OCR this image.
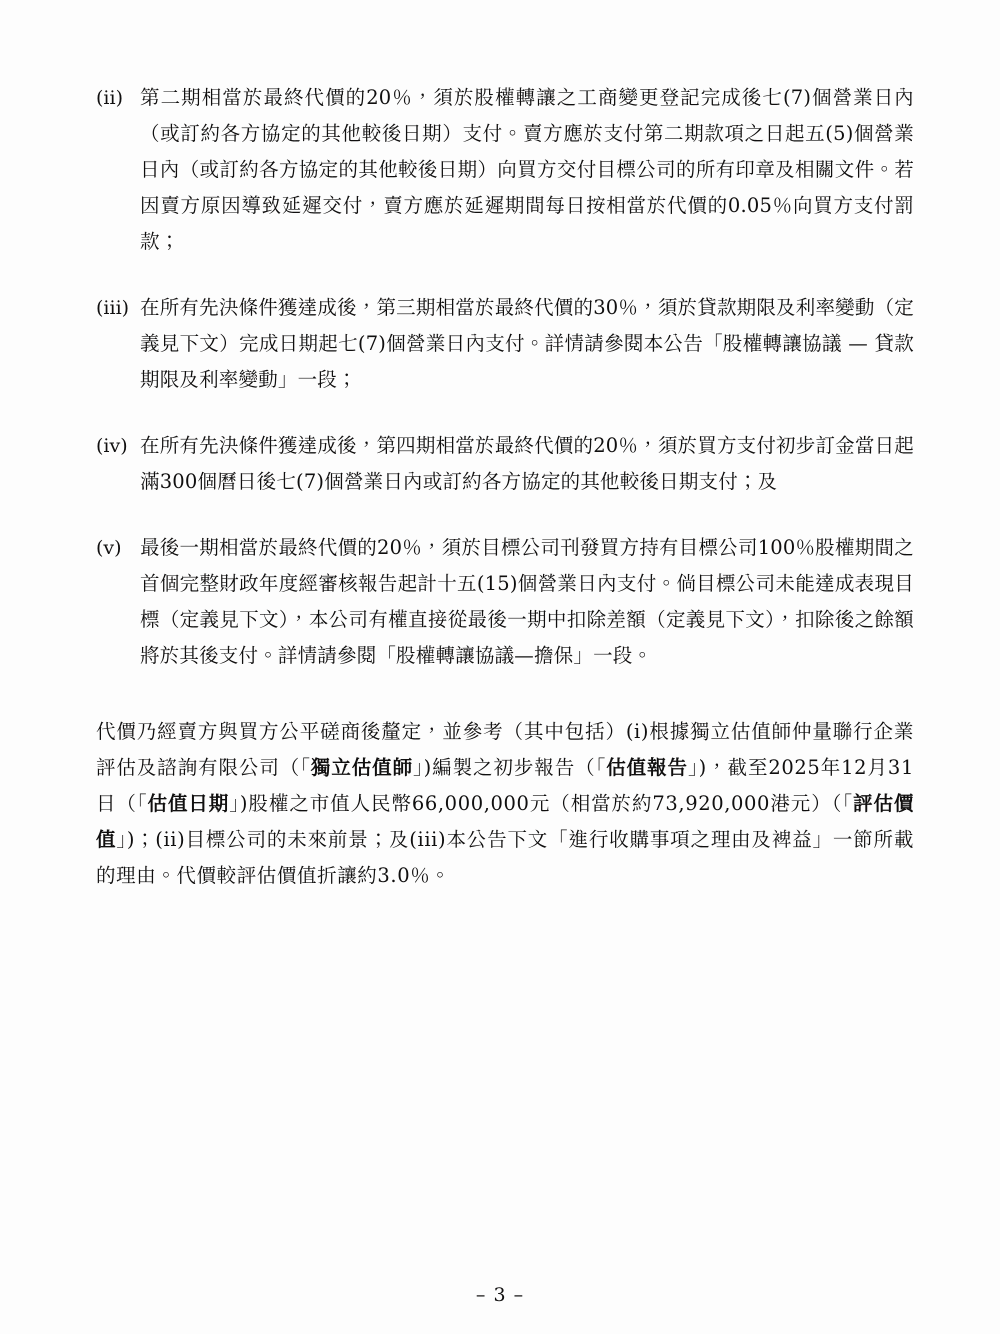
(ii) 第二期相當於最終代價的20％，須於股權轉讓之工商變更登記完成後七(7)個營業日內（或訂約各方協定的其他較後日期）支付。賣方應於支付第二期款項之日起五(5)個營業日內（或訂約各方協定的其他較後日期）向買方交付目標公司的所有印章及相關文件。若因賣方原因導致延遲交付，賣方應於延遲期間每日按相當於代價的0.05％向買方支付罰款；
(iii) 在所有先決條件獲達成後，第三期相當於最終代價的30％，須於貸款期限及利率變動（定義見下文）完成日期起七(7)個營業日內支付。詳情請參閱本公告「股權轉讓協議 — 貸款期限及利率變動」一段；
(iv) 在所有先決條件獲達成後，第四期相當於最終代價的20％，須於買方支付初步訂金當日起滿300個曆日後七(7)個營業日內或訂約各方協定的其他較後日期支付；及
(v) 最後一期相當於最終代價的20％，須於目標公司刊發買方持有目標公司100％股權期間之首個完整財政年度經審核報告起計十五(15)個營業日內支付。倘目標公司未能達成表現目標（定義見下文），本公司有權直接從最後一期中扣除差額（定義見下文），扣除後之餘額將於其後支付。詳情請參閱「股權轉讓協議—擔保」一段。
代價乃經賣方與買方公平磋商後釐定，並參考（其中包括）(i)根據獨立估值師仲量聯行企業評估及諮詢有限公司（「獨立估值師」)編製之初步報告（「估值報告」)，截至2025年12月31日（「估值日期」)股權之市值人民幣66,000,000元（相當於約73,920,000港元）（「評估價值」)；(ii)目標公司的未來前景；及(iii)本公告下文「進行收購事項之理由及裨益」一節所載的理由。代價較評估價值折讓約3.0％。
– 3 –
